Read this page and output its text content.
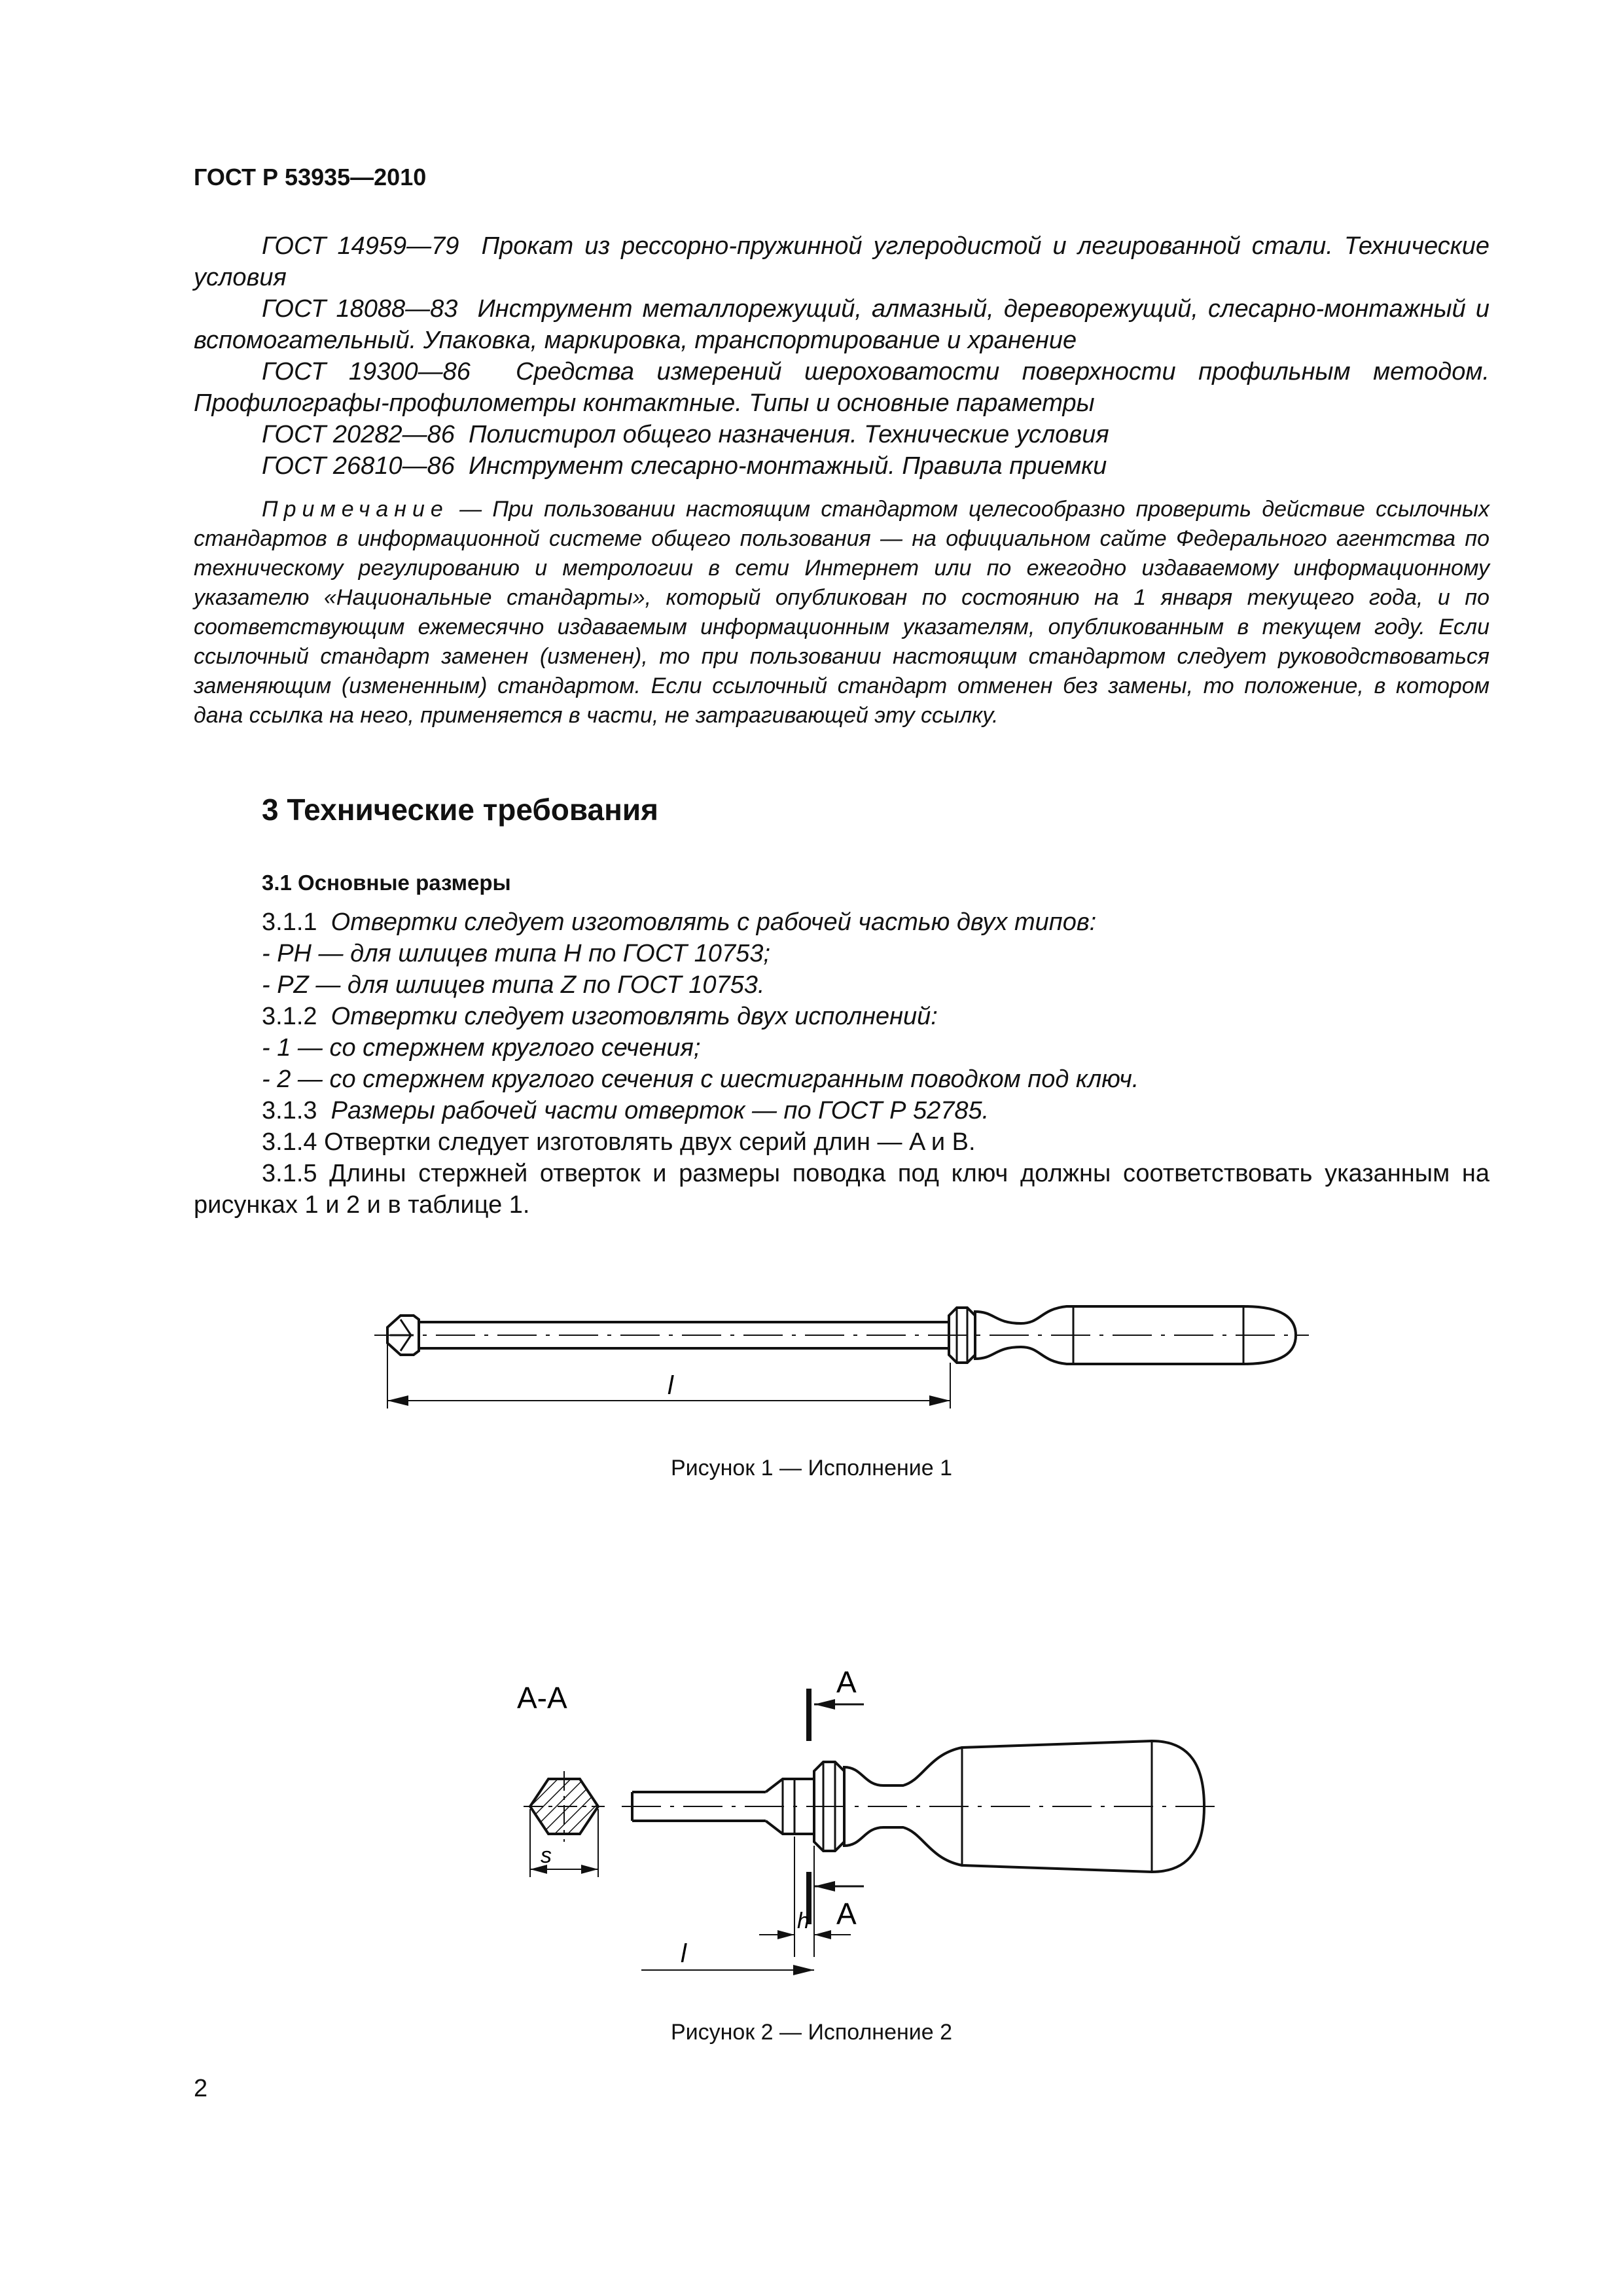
ГОСТ Р 53935—2010

ГОСТ 14959—79 Прокат из рессорно-пружинной углеродистой и легированной стали. Технические условия

ГОСТ 18088—83 Инструмент металлорежущий, алмазный, дереворежущий, слесарно-монтажный и вспомогательный. Упаковка, маркировка, транспортирование и хранение

ГОСТ 19300—86 Средства измерений шероховатости поверхности профильным методом. Профилографы-профилометры контактные. Типы и основные параметры

ГОСТ 20282—86 Полистирол общего назначения. Технические условия

ГОСТ 26810—86 Инструмент слесарно-монтажный. Правила приемки

Примечание — При пользовании настоящим стандартом целесообразно проверить действие ссылочных стандартов в информационной системе общего пользования — на официальном сайте Федерального агентства по техническому регулированию и метрологии в сети Интернет или по ежегодно издаваемому информационному указателю «Национальные стандарты», который опубликован по состоянию на 1 января текущего года, и по соответствующим ежемесячно издаваемым информационным указателям, опубликованным в текущем году. Если ссылочный стандарт заменен (изменен), то при пользовании настоящим стандартом следует руководствоваться заменяющим (измененным) стандартом. Если ссылочный стандарт отменен без замены, то положение, в котором дана ссылка на него, применяется в части, не затрагивающей эту ссылку.

3 Технические требования
3.1 Основные размеры

3.1.1 Отвертки следует изготовлять с рабочей частью двух типов:

- PH — для шлицев типа H по ГОСТ 10753;

- PZ — для шлицев типа Z по ГОСТ 10753.

3.1.2 Отвертки следует изготовлять двух исполнений:

- 1 — со стержнем круглого сечения;

- 2 — со стержнем круглого сечения с шестигранным поводком под ключ.

3.1.3 Размеры рабочей части отверток — по ГОСТ Р 52785.

3.1.4 Отвертки следует изготовлять двух серий длин — A и B.

3.1.5 Длины стержней отверток и размеры поводка под ключ должны соответствовать указанным на рисунках 1 и 2 и в таблице 1.

l
Рисунок 1 — Исполнение 1
A-A
s
A
A
h
l
Рисунок 2 — Исполнение 2
2
